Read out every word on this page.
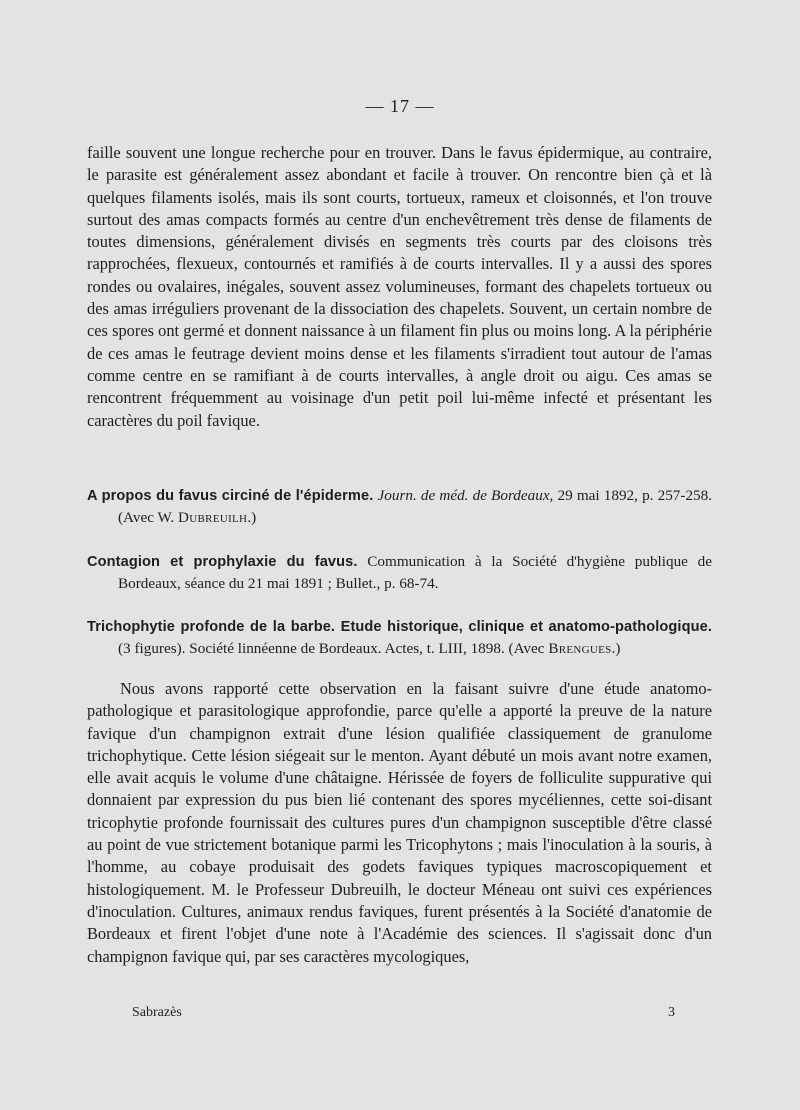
— 17 —

faille souvent une longue recherche pour en trouver. Dans le favus épidermique, au contraire, le parasite est généralement assez abondant et facile à trouver. On rencontre bien çà et là quelques filaments isolés, mais ils sont courts, tortueux, rameux et cloisonnés, et l'on trouve surtout des amas compacts formés au centre d'un enchevêtrement très dense de filaments de toutes dimensions, généralement divisés en segments très courts par des cloisons très rapprochées, flexueux, contournés et ramifiés à de courts intervalles. Il y a aussi des spores rondes ou ovalaires, inégales, souvent assez volumineuses, formant des chapelets tortueux ou des amas irréguliers provenant de la dissociation des chapelets. Souvent, un certain nombre de ces spores ont germé et donnent naissance à un filament fin plus ou moins long. A la périphérie de ces amas le feutrage devient moins dense et les filaments s'irradient tout autour de l'amas comme centre en se ramifiant à de courts intervalles, à angle droit ou aigu. Ces amas se rencontrent fréquemment au voisinage d'un petit poil lui-même infecté et présentant les caractères du poil favique.

A propos du favus circiné de l'épiderme. Journ. de méd. de Bordeaux, 29 mai 1892, p. 257-258. (Avec W. Dubreuilh.)

Contagion et prophylaxie du favus. Communication à la Société d'hygiène publique de Bordeaux, séance du 21 mai 1891 ; Bullet., p. 68-74.

Trichophytie profonde de la barbe. Etude historique, clinique et anatomo-pathologique. (3 figures). Société linnéenne de Bordeaux. Actes, t. LIII, 1898. (Avec Brengues.)

Nous avons rapporté cette observation en la faisant suivre d'une étude anatomo-pathologique et parasitologique approfondie, parce qu'elle a apporté la preuve de la nature favique d'un champignon extrait d'une lésion qualifiée classiquement de granulome trichophytique. Cette lésion siégeait sur le menton. Ayant débuté un mois avant notre examen, elle avait acquis le volume d'une châtaigne. Hérissée de foyers de folliculite suppurative qui donnaient par expression du pus bien lié contenant des spores mycéliennes, cette soi-disant tricophytie profonde fournissait des cultures pures d'un champignon susceptible d'être classé au point de vue strictement botanique parmi les Tricophytons ; mais l'inoculation à la souris, à l'homme, au cobaye produisait des godets faviques typiques macroscopiquement et histologiquement. M. le Professeur Dubreuilh, le docteur Méneau ont suivi ces expériences d'inoculation. Cultures, animaux rendus faviques, furent présentés à la Société d'anatomie de Bordeaux et firent l'objet d'une note à l'Académie des sciences. Il s'agissait donc d'un champignon favique qui, par ses caractères mycologiques,

Sabrazès	3
